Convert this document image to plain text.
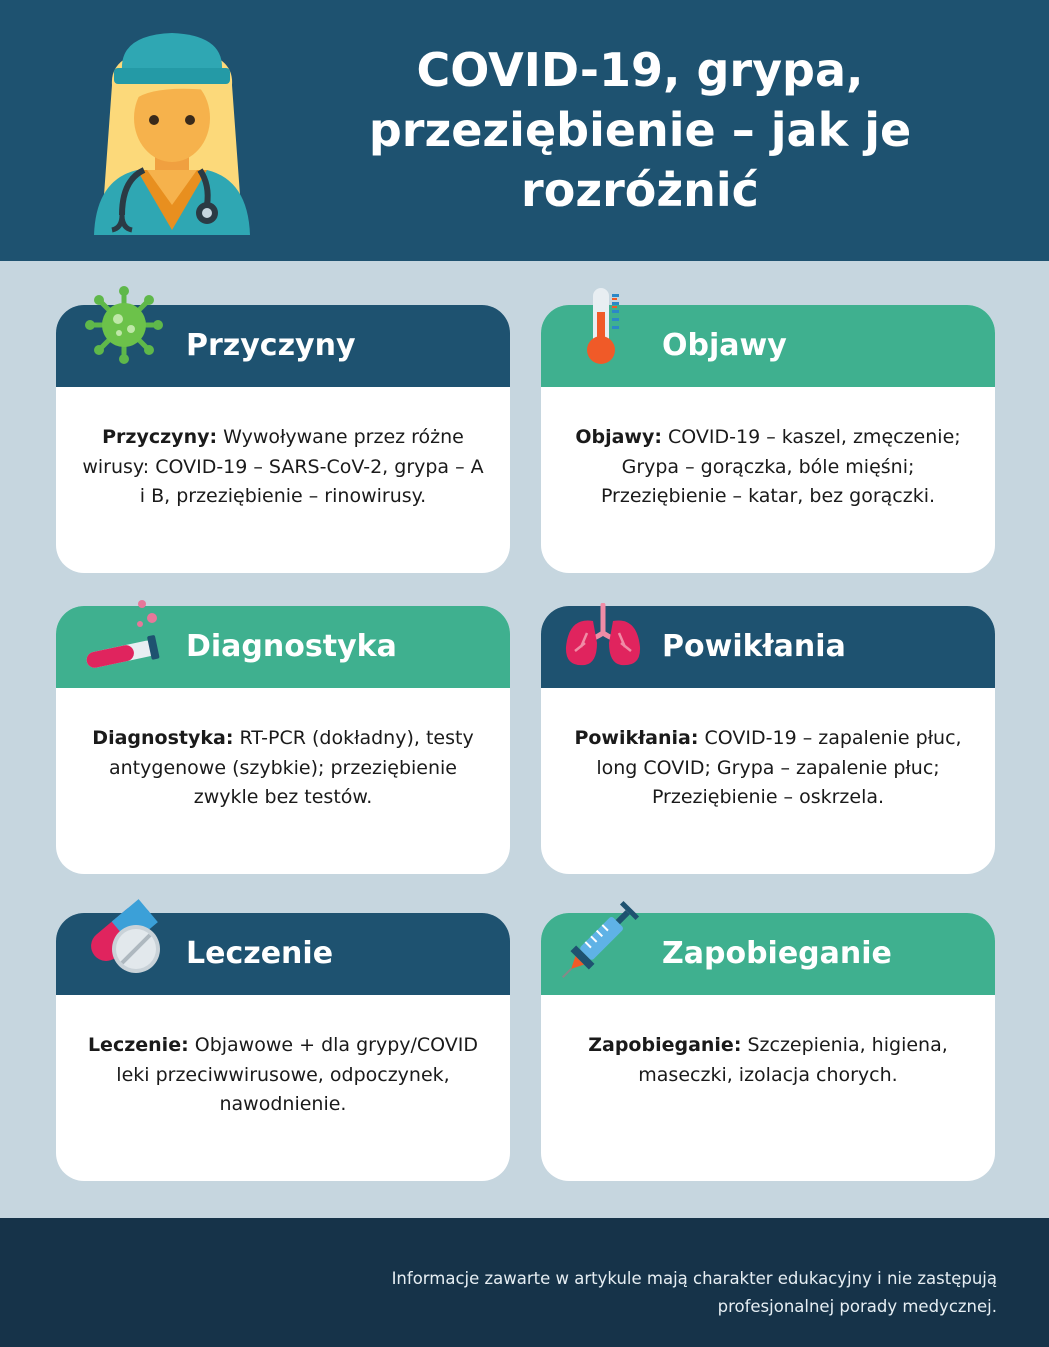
COVID-19, grypa, przeziębienie – jak je rozróżnić
Przyczyny
Przyczyny: Wywoływane przez różne wirusy: COVID-19 – SARS-CoV-2, grypa – A i B, przeziębienie – rinowirusy.
Objawy
Objawy: COVID-19 – kaszel, zmęczenie; Grypa – gorączka, bóle mięśni; Przeziębienie – katar, bez gorączki.
Diagnostyka
Diagnostyka: RT-PCR (dokładny), testy antygenowe (szybkie); przeziębienie zwykle bez testów.
Powikłania
Powikłania: COVID-19 – zapalenie płuc, long COVID; Grypa – zapalenie płuc; Przeziębienie – oskrzela.
Leczenie
Leczenie: Objawowe + dla grypy/COVID leki przeciwwirusowe, odpoczynek, nawodnienie.
Zapobieganie
Zapobieganie: Szczepienia, higiena, maseczki, izolacja chorych.
Informacje zawarte w artykule mają charakter edukacyjny i nie zastępują profesjonalnej porady medycznej.
